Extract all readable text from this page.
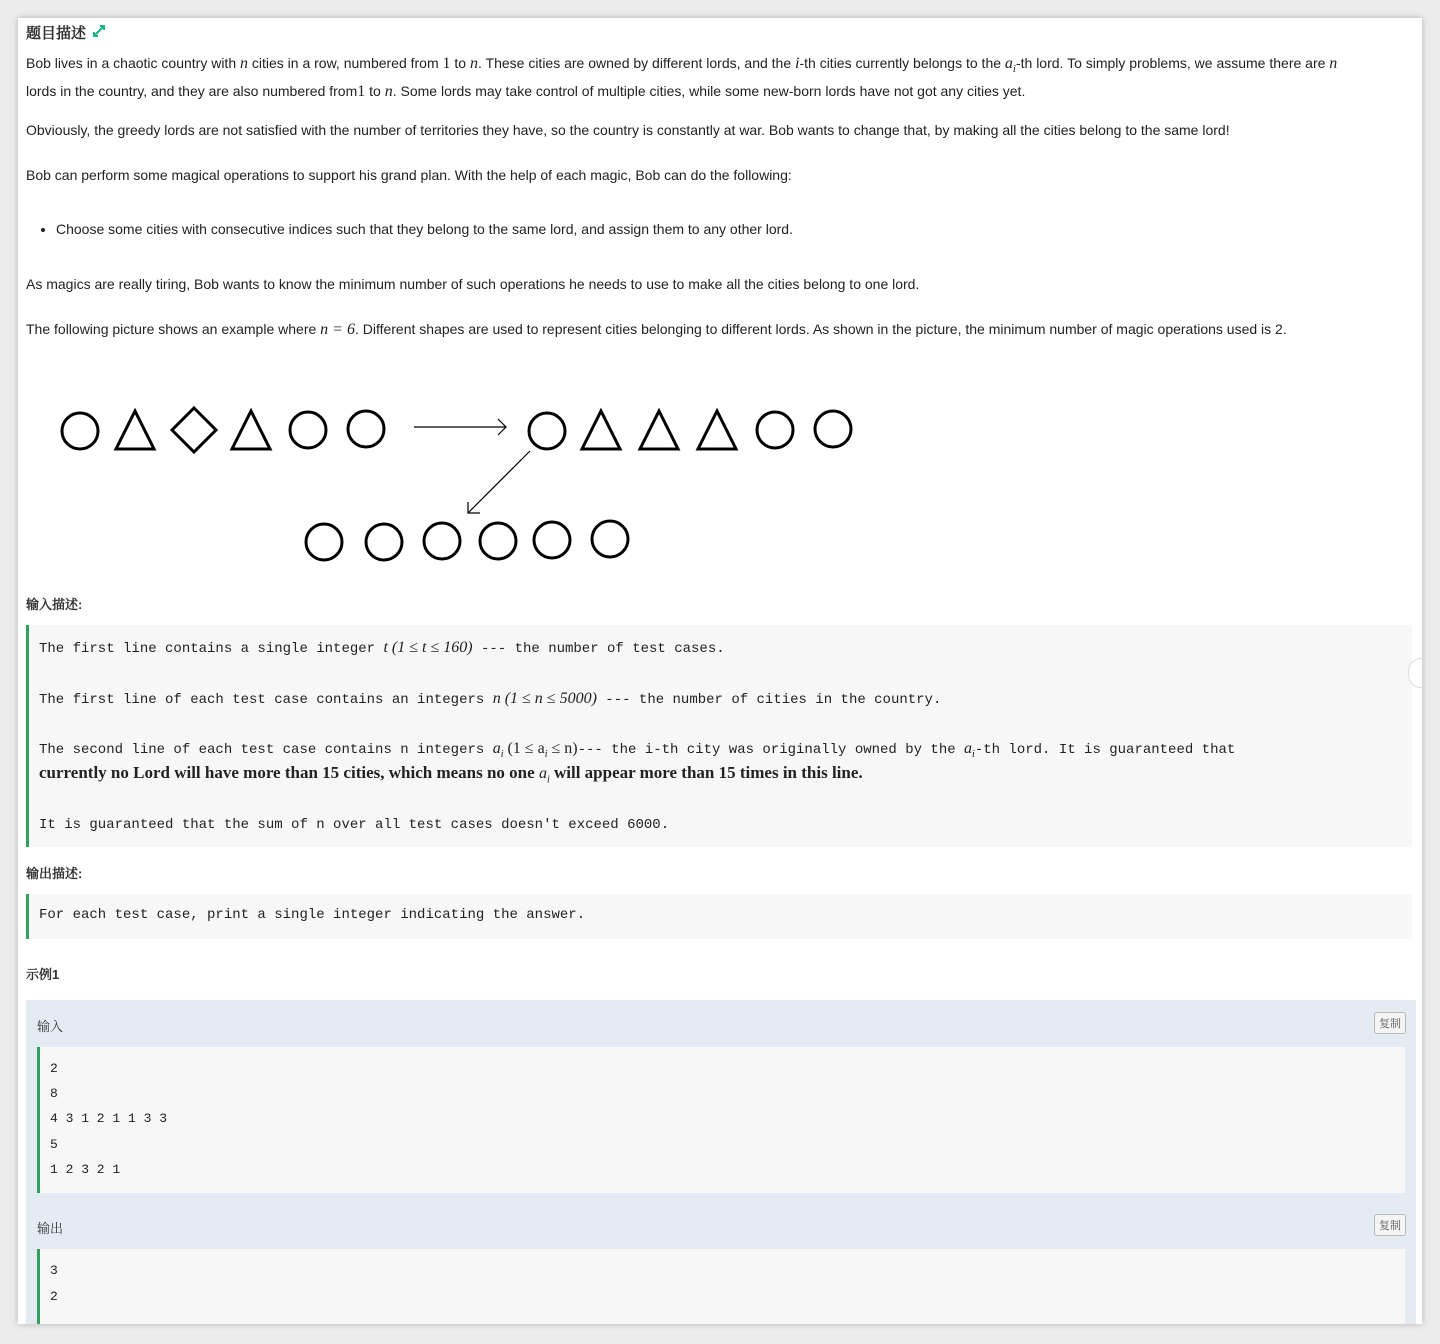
题目描述
Bob lives in a chaotic country with n cities in a row, numbered from 1 to n. These cities are owned by different lords, and the i-th cities currently belongs to the $a_i-th$ lord. To simply problems, we assume there are n
lords in the country, and they are also numbered from1 to n. Some lords may take control of multiple cities, while some new-born lords have not got any cities yet.
Obviously, the greedy lords are not satisfied with the number of territories they have, so the country is constantly at war. Bob wants to change that, by making all the cities belong to the same lord!
Bob can perform some magical operations to support his grand plan. With the help of each magic, Bob can do the following:
• Choose some cities with consecutive indices such that they belong to the same lord, and assign them to any other lord.
As magics are really tiring, Bob wants to know the minimum number of such operations he needs to use to make all the cities belong to one lord.
The following picture shows an example where n = 6. Different shapes are used to represent cities belonging to different lords. As shown in the picture, the minimum number of magic operations used is 2.
输入描述:
The first line contains a single integer t (1 ≤ t ≤ 160) --- the number of test cases.
The first line of each test case contains an integers n (1 ≤ n ≤ 5000) --- the number of cities in the country.
The second line of each test case contains n integers $a_i$ $(1 \le a_i \le n)---$ the i-th city was originally owned by the $a_i-th$ lord. It is guaranteed that
currently no Lord will have more than 15 cities, which means no one $a_i$ will appear more than 15 times in this line.
It is guaranteed that the sum of n over all test cases doesn't exceed 6000.
输出描述:
For each test case, print a single integer indicating the answer.
示例1
输入	复制
2
8
4 3 1 2 1 1 3 3
5
1 2 3 2 1
输出	复制
3
2
